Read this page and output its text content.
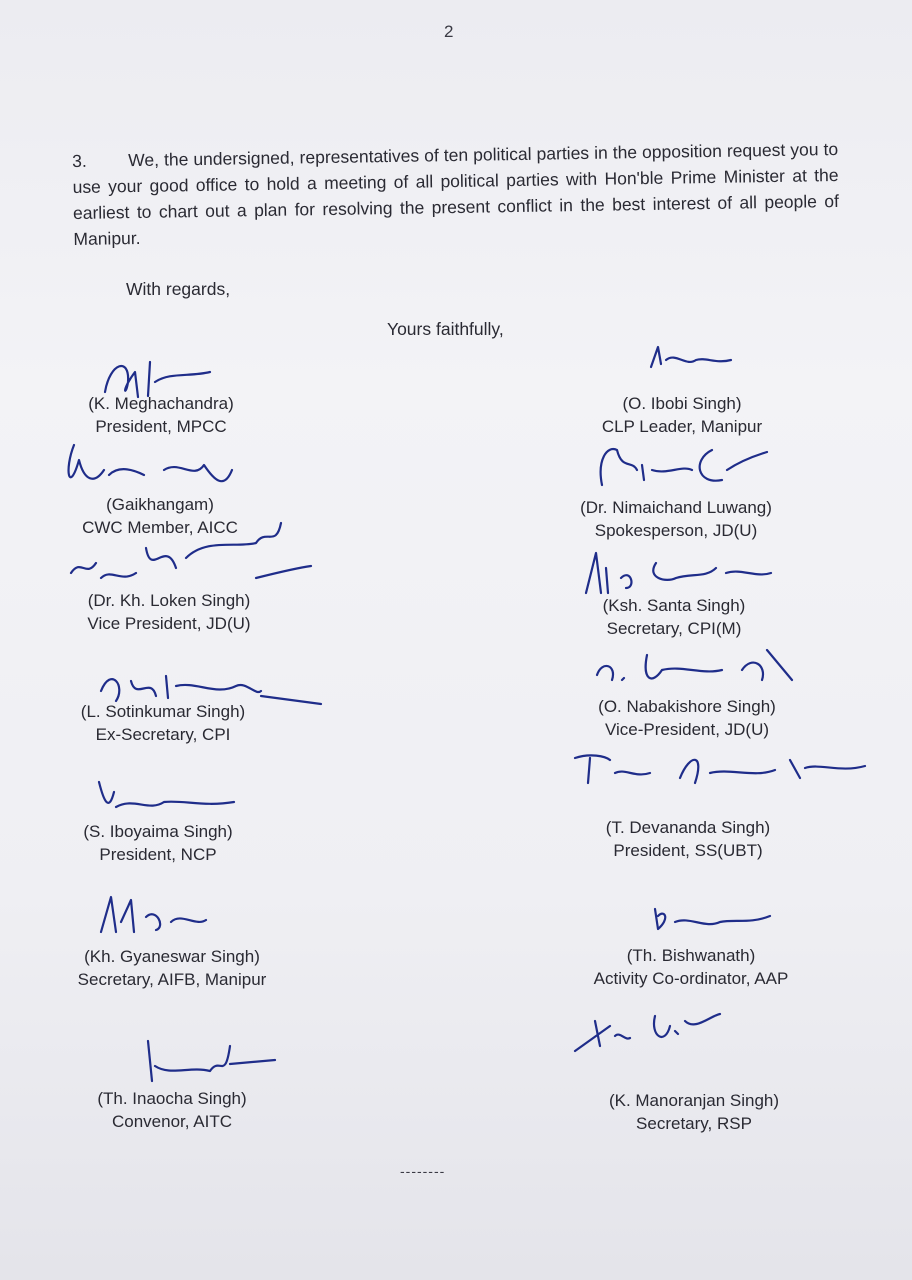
2
3. We, the undersigned, representatives of ten political parties in the opposition request you to use your good office to hold a meeting of all political parties with Hon'ble Prime Minister at the earliest to chart out a plan for resolving the present conflict in the best interest of all people of Manipur.
With regards,
Yours faithfully,
(K. Meghachandra)
President, MPCC
(Gaikhangam)
CWC Member, AICC
(Dr. Kh. Loken Singh)
Vice President, JD(U)
(L. Sotinkumar Singh)
Ex-Secretary, CPI
(S. Iboyaima Singh)
President, NCP
(Kh. Gyaneswar Singh)
Secretary, AIFB, Manipur
(Th. Inaocha Singh)
Convenor, AITC
(O. Ibobi Singh)
CLP Leader, Manipur
(Dr. Nimaichand Luwang)
Spokesperson, JD(U)
(Ksh. Santa Singh)
Secretary, CPI(M)
(O. Nabakishore Singh)
Vice-President, JD(U)
(T. Devananda Singh)
President, SS(UBT)
(Th. Bishwanath)
Activity Co-ordinator, AAP
(K. Manoranjan Singh)
Secretary, RSP
--------
